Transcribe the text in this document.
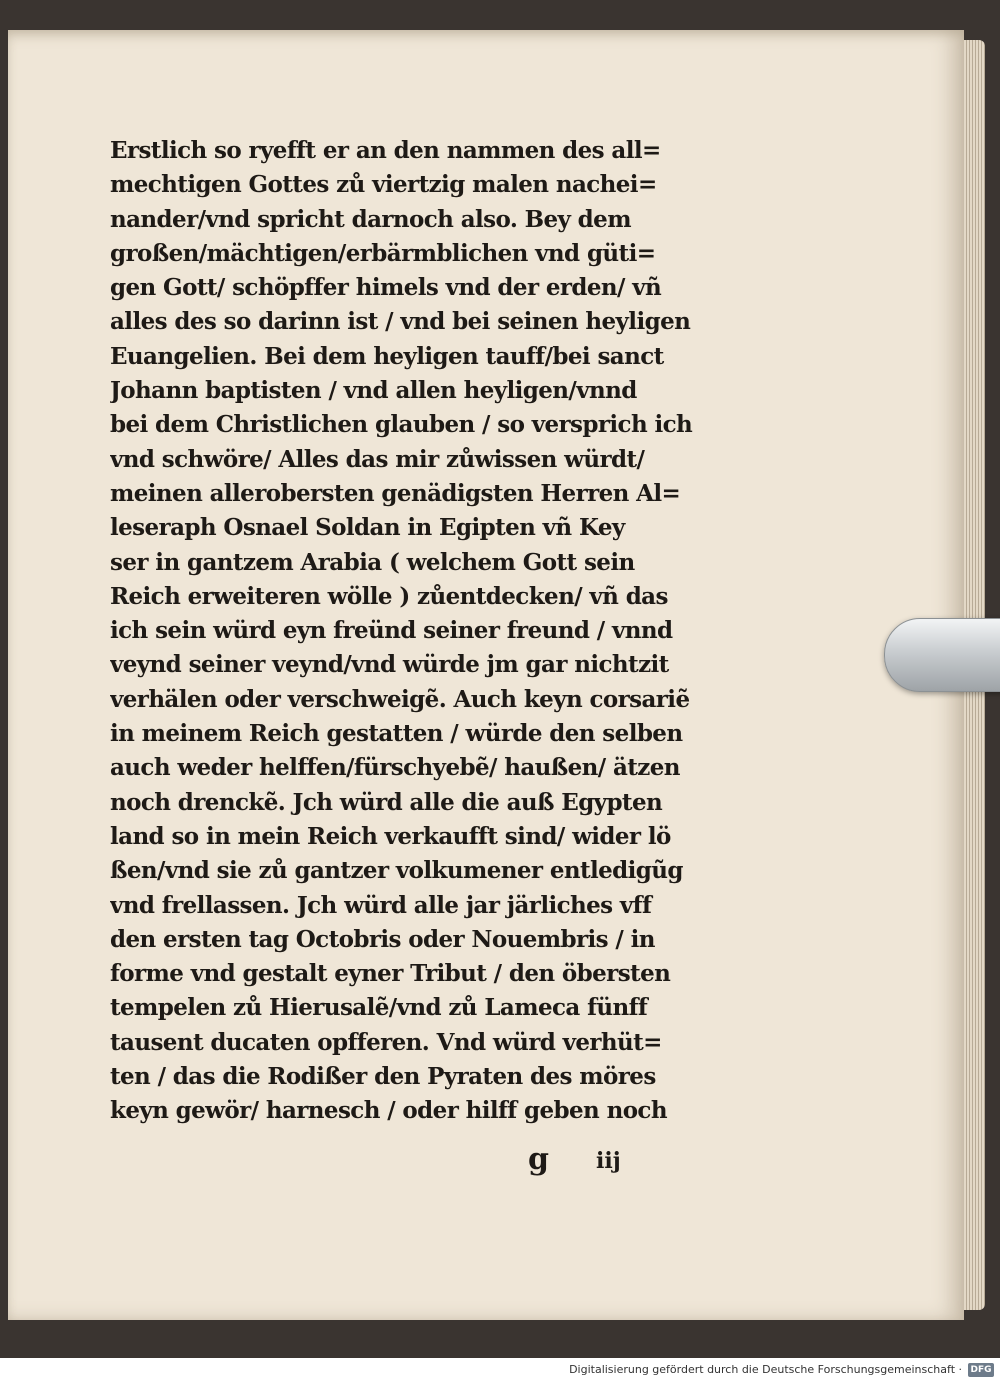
Erstlich so ryefft er an den nammen des all=
mechtigen Gottes zů viertzig malen nachei=
nander/vnd spricht darnoch also. Bey dem
großen/mächtigen/erbärmblichen vnd güti=
gen Gott/ schöpffer himels vnd der erden/ vñ
alles des so darinn ist / vnd bei seinen heyligen
Euangelien. Bei dem heyligen tauff/bei sanct
Johann baptisten / vnd allen heyligen/vnnd
bei dem Christlichen glauben / so versprich ich
vnd schwöre/ Alles das mir zůwissen würdt/
meinen allerobersten genädigsten Herren Al=
leseraph Osnael Soldan in Egipten vñ Key
ser in gantzem Arabia ( welchem Gott sein
Reich erweiteren wölle ) zůentdecken/ vñ das
ich sein würd eyn freünd seiner freund / vnnd
veynd seiner veynd/vnd würde jm gar nichtzit
verhälen oder verschweigẽ. Auch keyn corsariẽ
in meinem Reich gestatten / würde den selben
auch weder helffen/fürschyebẽ/ haußen/ ätzen
noch drenckẽ. Jch würd alle die auß Egypten
land so in mein Reich verkaufft sind/ wider lö
ßen/vnd sie zů gantzer volkumener entledigũg
vnd frellassen. Jch würd alle jar järliches vff
den ersten tag Octobris oder Nouembris / in
forme vnd gestalt eyner Tribut / den öbersten
tempelen zů Hierusalẽ/vnd zů Lameca fünff
tausent ducaten opfferen. Vnd würd verhüt=
ten / das die Rodißer den Pyraten des möres
keyn gewör/ harnesch / oder hilff geben noch
g iij
Digitalisierung gefördert durch die Deutsche Forschungsgemeinschaft · DFG
